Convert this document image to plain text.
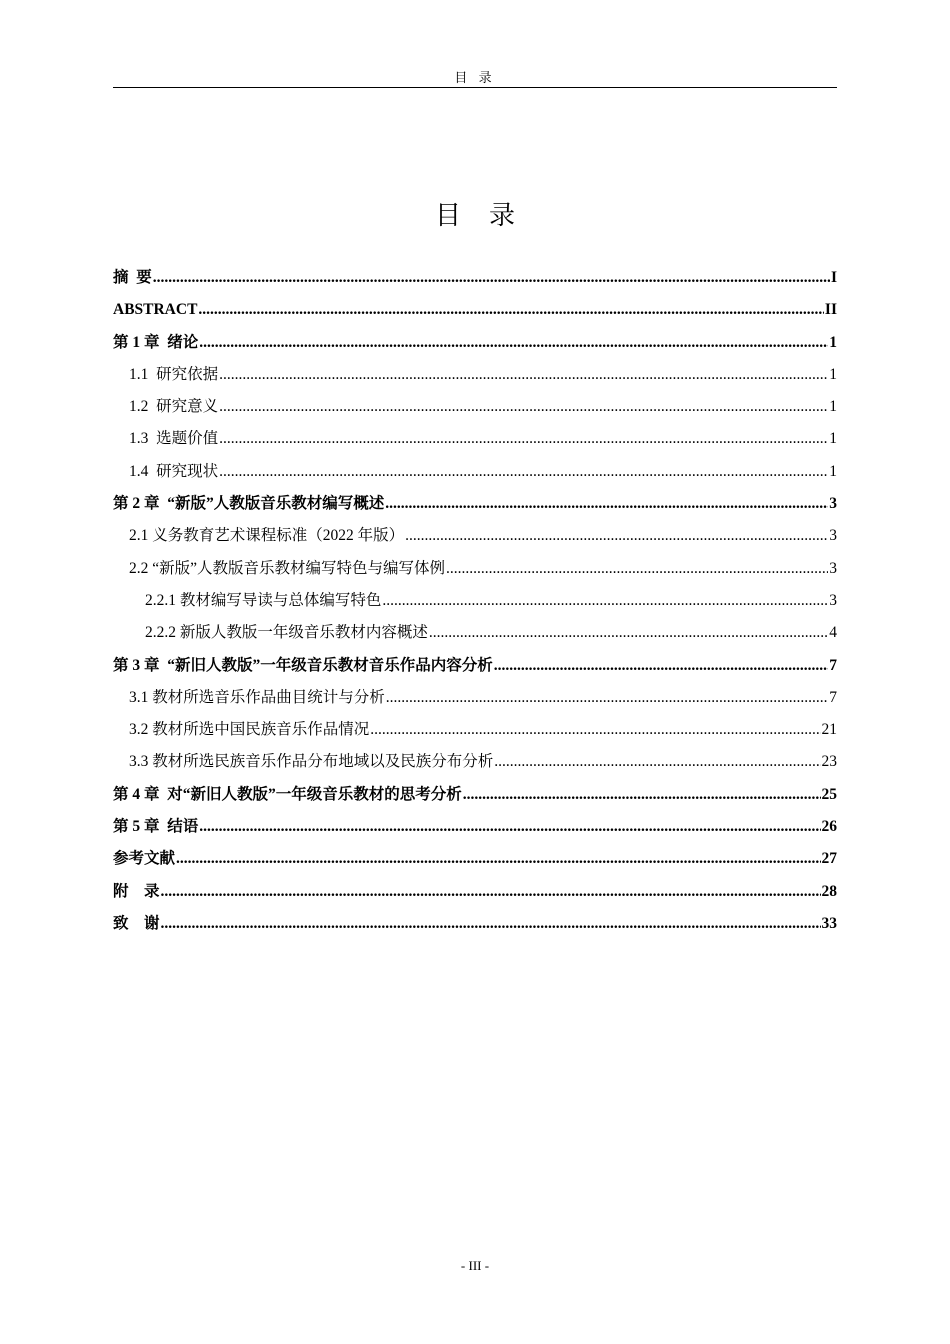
目 录
目录
摘  要 .....	I
ABSTRACT .....	II
第 1 章  绪论 .....	1
1.1  研究依据 .....	1
1.2  研究意义 .....	1
1.3  选题价值 .....	1
1.4  研究现状 .....	1
第 2 章  “新版”人教版音乐教材编写概述 .....	3
2.1 义务教育艺术课程标准（2022 年版） .....	3
2.2 “新版”人教版音乐教材编写特色与编写体例 .....	3
2.2.1 教材编写导读与总体编写特色 .....	3
2.2.2 新版人教版一年级音乐教材内容概述 .....	4
第 3 章  “新旧人教版”一年级音乐教材音乐作品内容分析 .....	7
3.1 教材所选音乐作品曲目统计与分析 .....	7
3.2 教材所选中国民族音乐作品情况 .....	21
3.3 教材所选民族音乐作品分布地域以及民族分布分析 .....	23
第 4 章  对“新旧人教版”一年级音乐教材的思考分析 .....	25
第 5 章  结语 .....	26
参考文献 .....	27
附    录 .....	28
致    谢 .....	33
- III -
